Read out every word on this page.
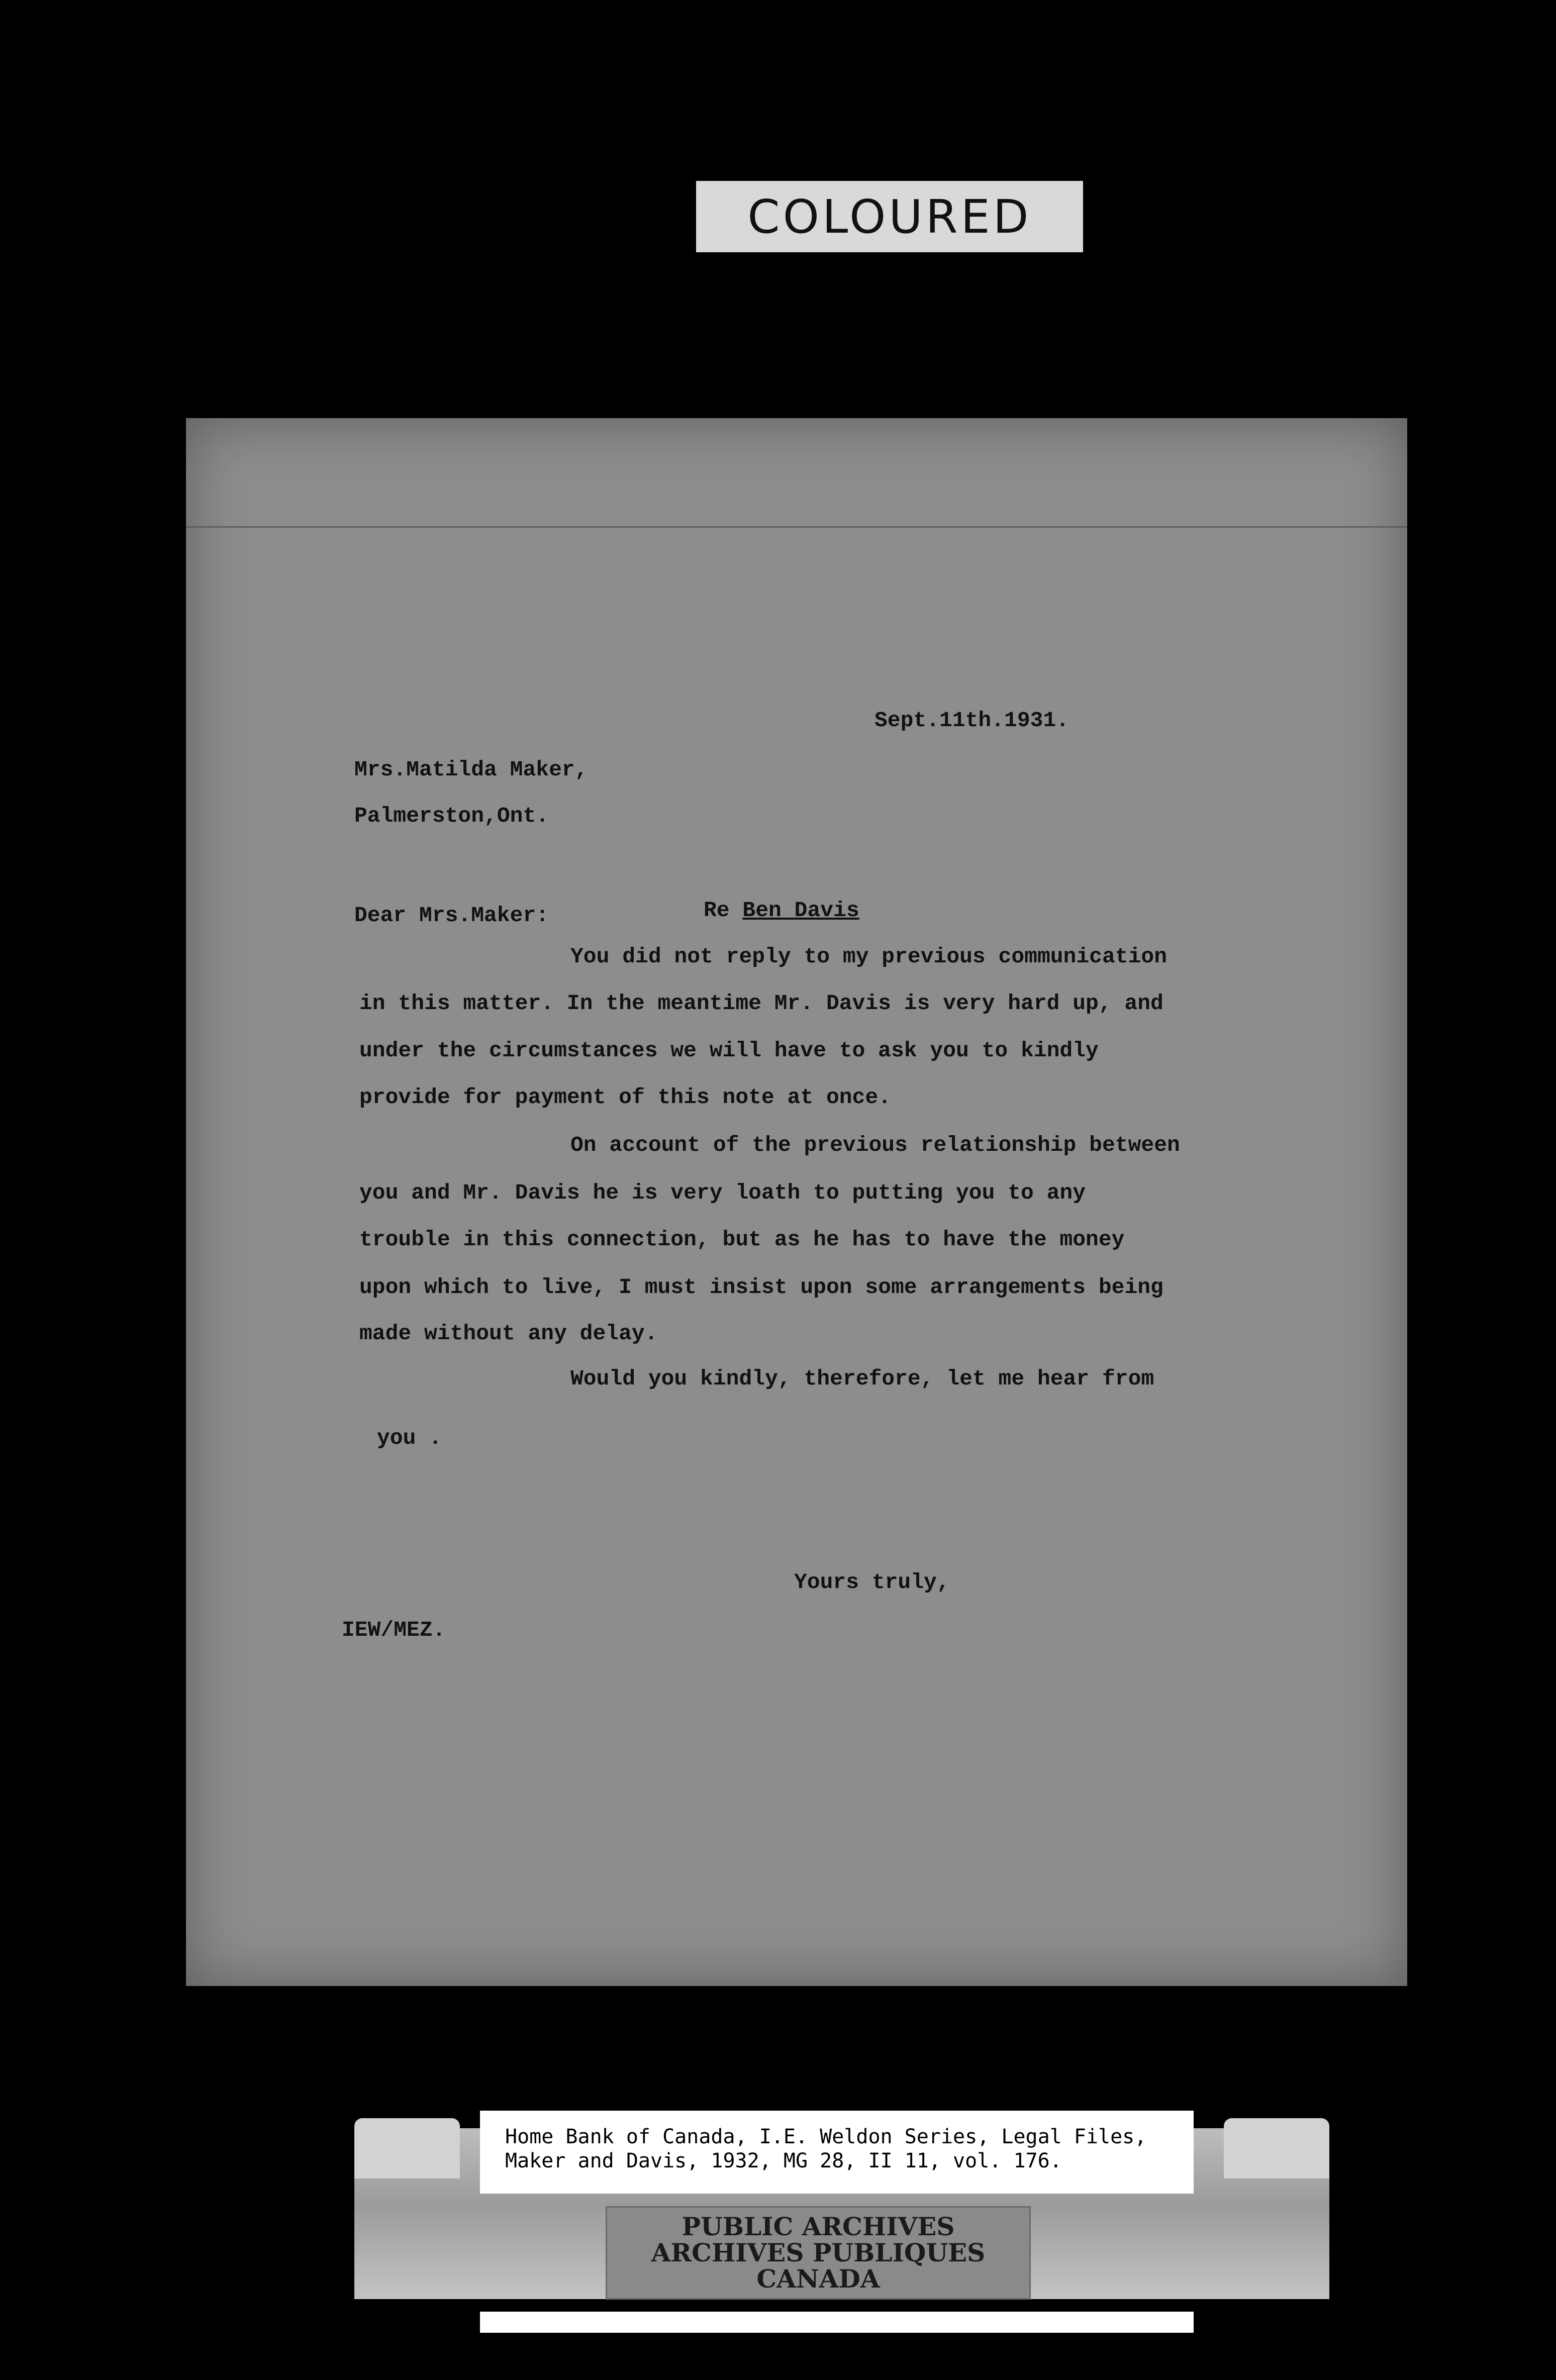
COLOURED
Sept.11th.1931.
Mrs.Matilda Maker,
Palmerston,Ont.
Dear Mrs.Maker:	Re Ben Davis
You did not reply to my previous communication
in this matter. In the meantime Mr. Davis is very hard up, and
under the circumstances we will have to ask you to kindly
provide for payment of this note at once.
On account of the previous relationship between
you and Mr. Davis he is very loath to putting you to any
trouble in this connection, but as he has to have the money
upon which to live, I must insist upon some arrangements being
made without any delay.
Would you kindly, therefore, let me hear from
you .
Yours truly,
IEW/MEZ.
Home Bank of Canada, I.E. Weldon Series, Legal Files,
Maker and Davis, 1932, MG 28, II 11, vol. 176.
PUBLIC ARCHIVES
ARCHIVES PUBLIQUES
CANADA
